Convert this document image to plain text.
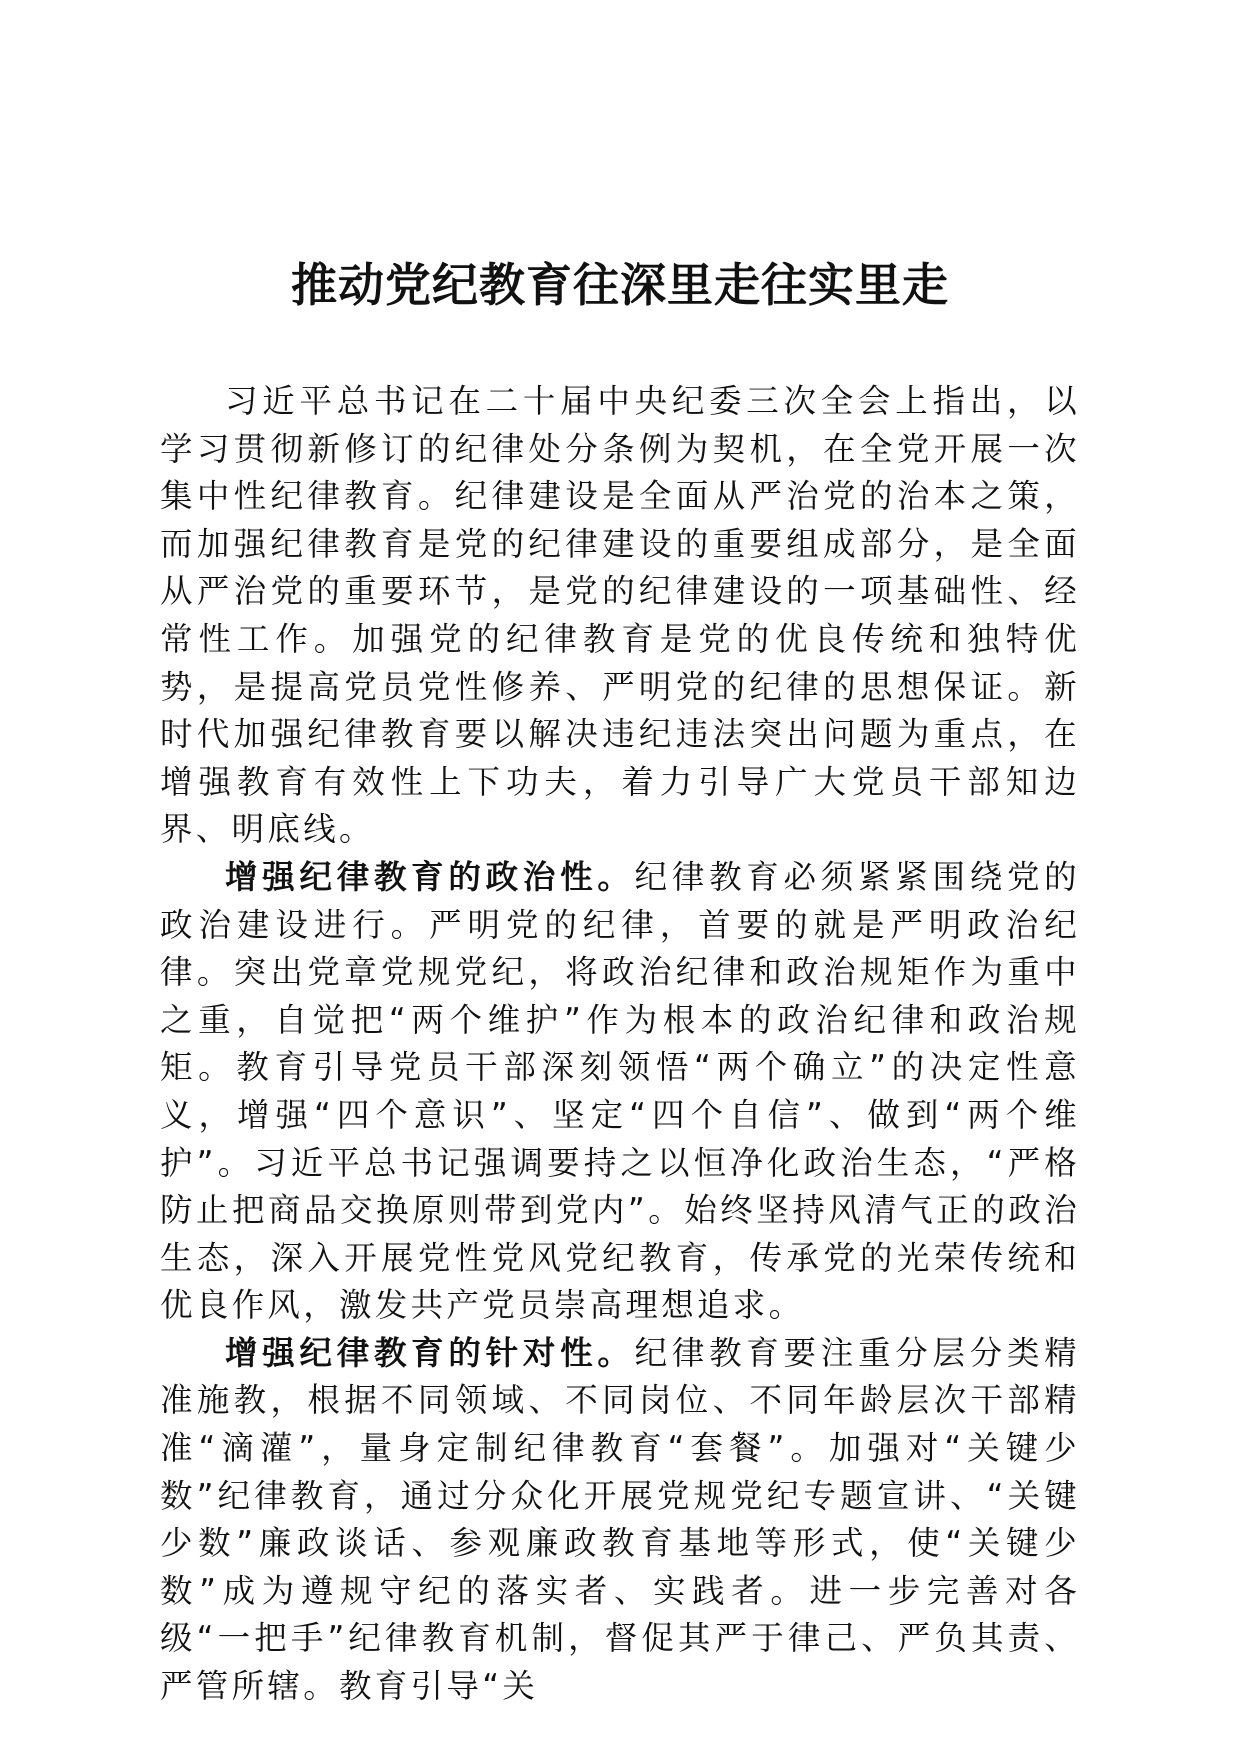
推动党纪教育往深里走往实里走

习近平总书记在二十届中央纪委三次全会上指出，以学习贯彻新修订的纪律处分条例为契机，在全党开展一次集中性纪律教育。纪律建设是全面从严治党的治本之策，而加强纪律教育是党的纪律建设的重要组成部分，是全面从严治党的重要环节，是党的纪律建设的一项基础性、经常性工作。加强党的纪律教育是党的优良传统和独特优势，是提高党员党性修养、严明党的纪律的思想保证。新时代加强纪律教育要以解决违纪违法突出问题为重点，在增强教育有效性上下功夫，着力引导广大党员干部知边界、明底线。

增强纪律教育的政治性。纪律教育必须紧紧围绕党的政治建设进行。严明党的纪律，首要的就是严明政治纪律。突出党章党规党纪，将政治纪律和政治规矩作为重中之重，自觉把“两个维护”作为根本的政治纪律和政治规矩。教育引导党员干部深刻领悟“两个确立”的决定性意义，增强“四个意识”、坚定“四个自信”、做到“两个维护”。习近平总书记强调要持之以恒净化政治生态，“严格防止把商品交换原则带到党内”。始终坚持风清气正的政治生态，深入开展党性党风党纪教育，传承党的光荣传统和优良作风，激发共产党员崇高理想追求。

增强纪律教育的针对性。纪律教育要注重分层分类精准施教，根据不同领域、不同岗位、不同年龄层次干部精准“滴灌”，量身定制纪律教育“套餐”。加强对“关键少数”纪律教育，通过分众化开展党规党纪专题宣讲、“关键少数”廉政谈话、参观廉政教育基地等形式，使“关键少数”成为遵规守纪的落实者、实践者。进一步完善对各级“一把手”纪律教育机制，督促其严于律己、严负其责、严管所辖。教育引导“关
